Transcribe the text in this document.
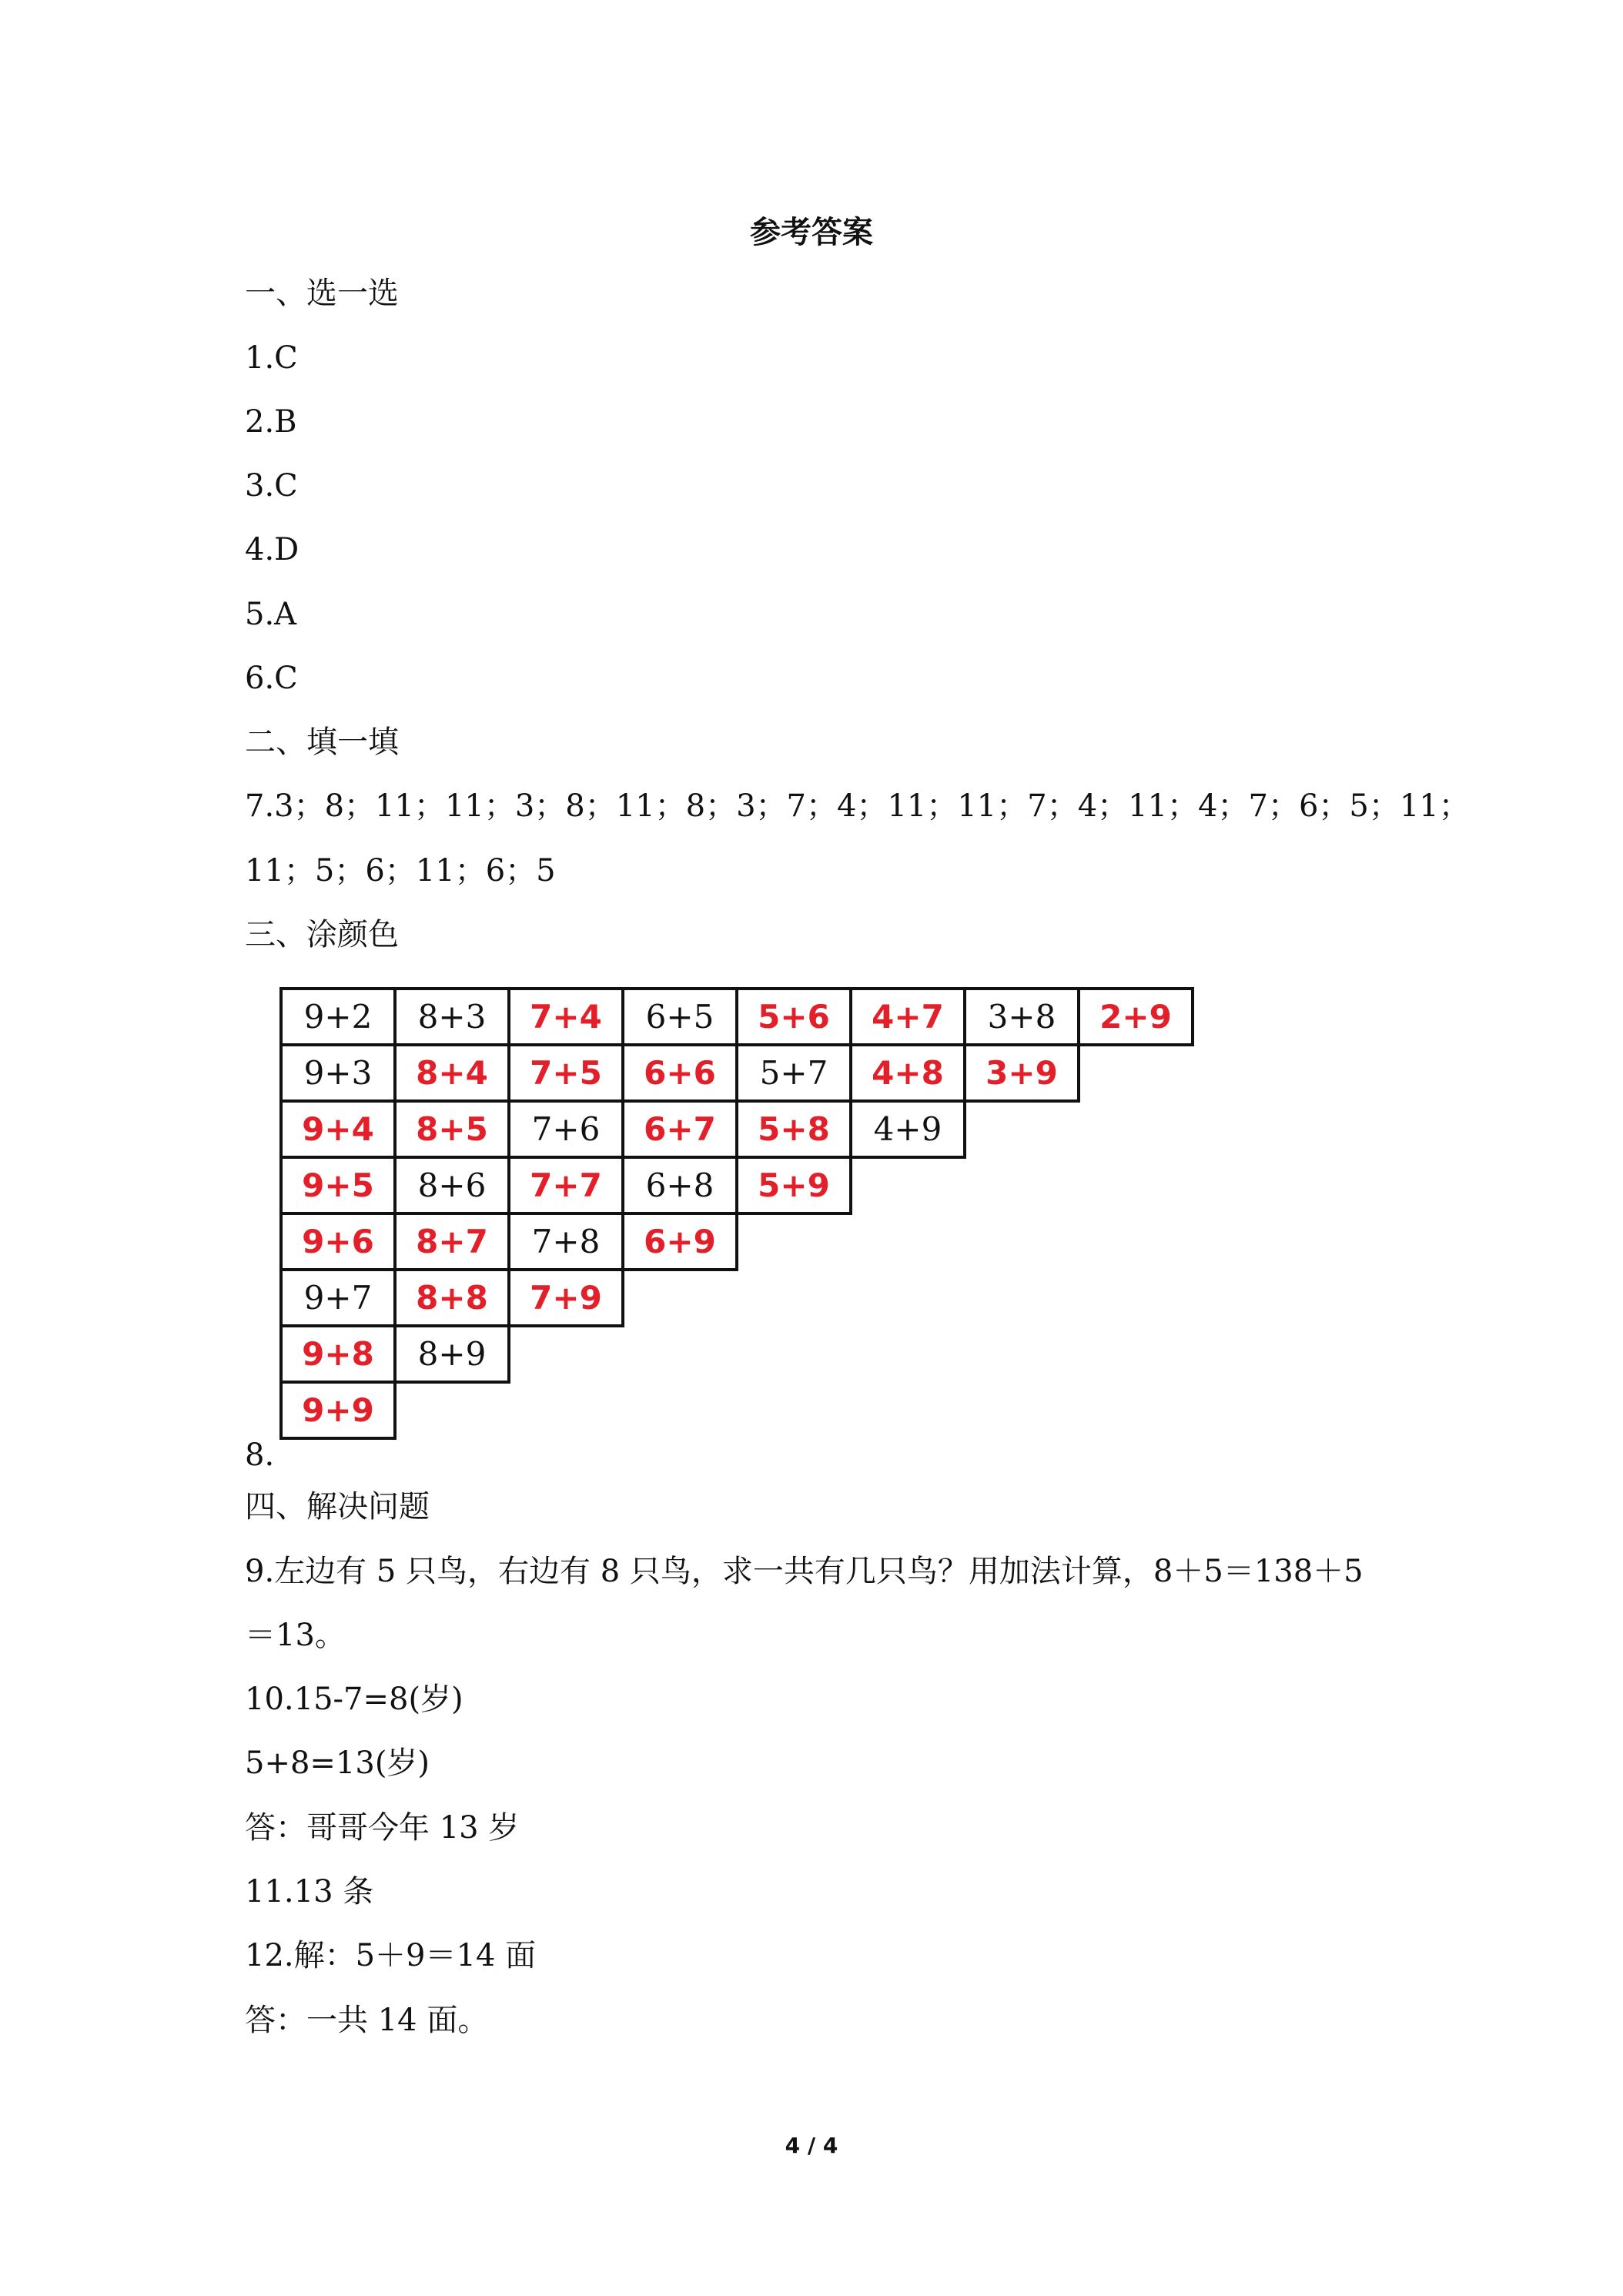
参考答案
一、选一选
1.C
2.B
3.C
4.D
5.A
6.C
二、填一填
7.3；8；11；11；3；8；11；8；3；7；4；11；11；7；4；11；4；7；6；5；11；
11；5；6；11；6；5
三、涂颜色
9+2	8+3	7+4	6+5	5+6	4+7	3+8	2+9
9+3	8+4	7+5	6+6	5+7	4+8	3+9	
9+4	8+5	7+6	6+7	5+8	4+9		
9+5	8+6	7+7	6+8	5+9			
9+6	8+7	7+8	6+9				
9+7	8+8	7+9					
9+8	8+9						
9+9							
8.
四、解决问题
9.左边有 5 只鸟，右边有 8 只鸟，求一共有几只鸟？用加法计算，8＋5＝138＋5
＝13。
10.15-7=8(岁)
5+8=13(岁)
答：哥哥今年 13 岁
11.13 条
12.解：5＋9＝14 面
答：一共 14 面。
4 / 4
